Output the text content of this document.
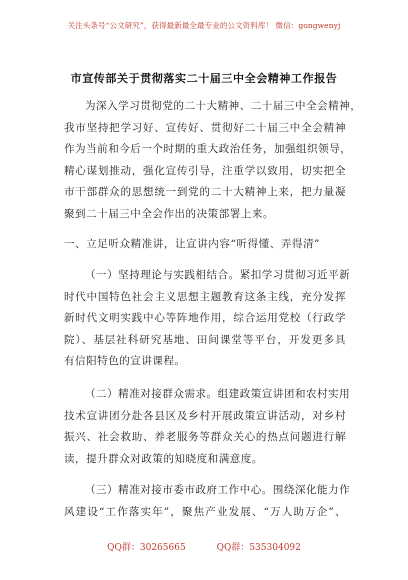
关注头条号“公文研究”，获得最新最全最专业的公文资料库！ 微信：gongwenyj
市宣传部关于贯彻落实二十届三中全会精神工作报告
为深入学习贯彻党的二十大精神、二十届三中全会精神，
我市坚持把学习好、宣传好、贯彻好二十届三中全会精神
作为当前和今后一个时期的重大政治任务，加强组织领导，
精心谋划推动，强化宣传引导，注重学以致用，切实把全
市干部群众的思想统一到党的二十大精神上来，把力量凝
聚到二十届三中全会作出的决策部署上来。
一、立足听众精准讲，让宣讲内容“听得懂、弄得清”
（一）坚持理论与实践相结合。紧扣学习贯彻习近平新
时代中国特色社会主义思想主题教育这条主线，充分发挥
新时代文明实践中心等阵地作用，综合运用党校（行政学
院）、基层社科研究基地、田间课堂等平台，开发更多具
有信阳特色的宣讲课程。
（二）精准对接群众需求。组建政策宣讲团和农村实用
技术宣讲团分赴各县区及乡村开展政策宣讲活动，对乡村
振兴、社会救助、养老服务等群众关心的热点问题进行解
读，提升群众对政策的知晓度和满意度。
（三）精准对接市委市政府工作中心。围绕深化能力作
风建设“工作落实年”，聚焦产业发展、“万人助万企”、
QQ群：30265665	QQ群：535304092
